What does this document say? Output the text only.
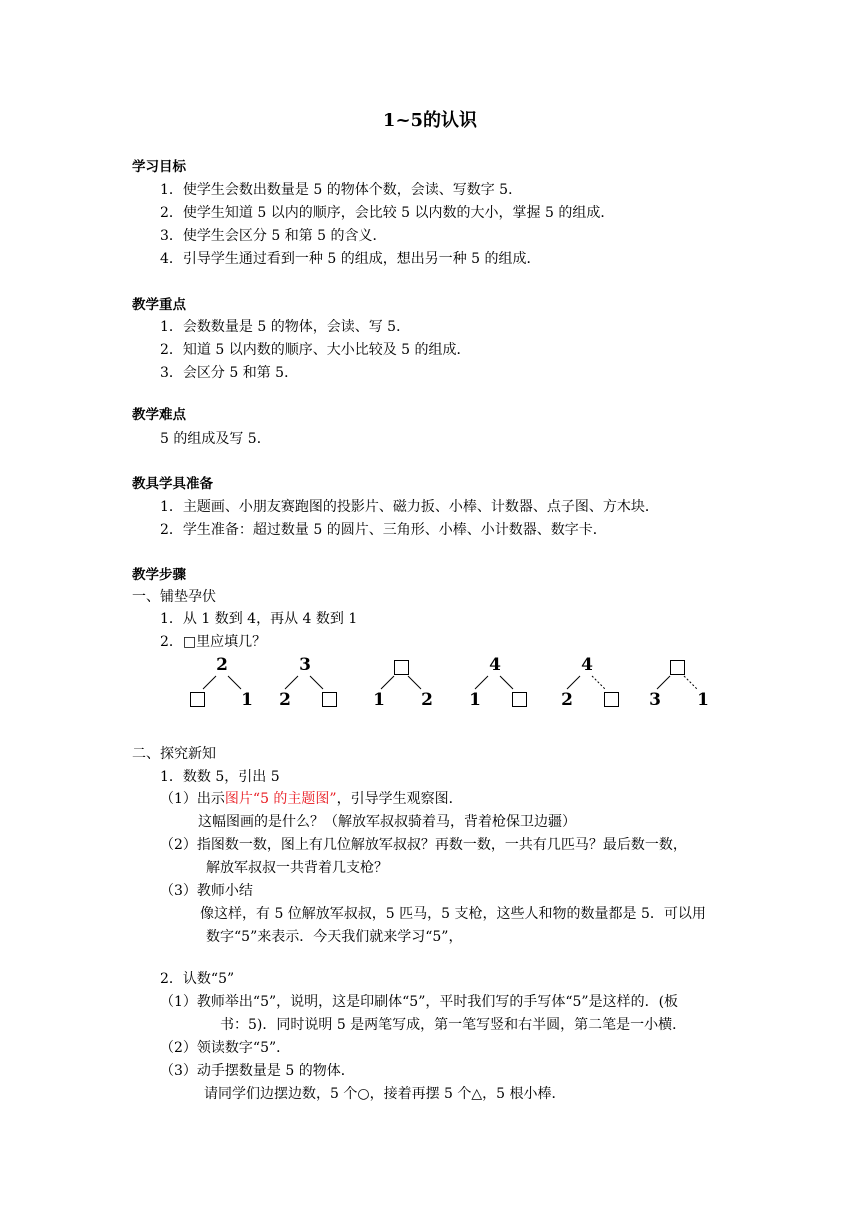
1~5的认识
学习目标
1．使学生会数出数量是 5 的物体个数，会读、写数字 5．
2．使学生知道 5 以内的顺序，会比较 5 以内数的大小，掌握 5 的组成．
3．使学生会区分 5 和第 5 的含义．
4．引导学生通过看到一种 5 的组成，想出另一种 5 的组成．
教学重点
1．会数数量是 5 的物体，会读、写 5．
2．知道 5 以内数的顺序、大小比较及 5 的组成．
3．会区分 5 和第 5．
教学难点
5 的组成及写 5．
教具学具准备
1．主题画、小朋友赛跑图的投影片、磁力扳、小棒、计数器、点子图、方木块．
2．学生准备：超过数量 5 的圆片、三角形、小棒、小计数器、数字卡．
教学步骤
一、铺垫孕伏
1．从 1 数到 4，再从 4 数到 1
2．□里应填几？
2
1
3
2	1 2
4
1
4
2	3 1
二、探究新知
1．数数 5，引出 5
（1）出示图片“5 的主题图”，引导学生观察图．
这幅图画的是什么？（解放军叔叔骑着马，背着枪保卫边疆）
（2）指图数一数，图上有几位解放军叔叔？再数一数，一共有几匹马？最后数一数，
解放军叔叔一共背着几支枪？
（3）教师小结
像这样，有 5 位解放军叔叔，5 匹马，5 支枪，这些人和物的数量都是 5．可以用
数字“5”来表示．今天我们就来学习“5”，
2．认数“5”
（1）教师举出“5”，说明，这是印刷体“5”，平时我们写的手写体“5”是这样的．(板
书：5)．同时说明 5 是两笔写成，第一笔写竖和右半圆，第二笔是一小横．
（2）领读数字“5”．
（3）动手摆数量是 5 的物体．
请同学们边摆边数，5 个○，接着再摆 5 个△，5 根小棒．
